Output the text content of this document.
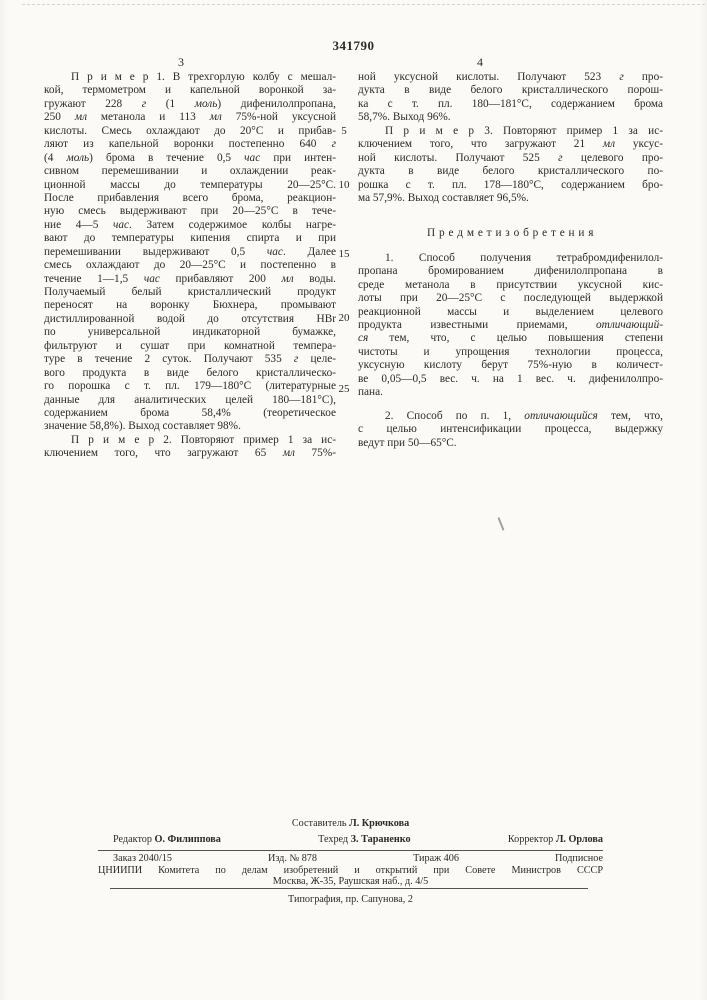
341790
3	4
П р и м е р 1. В трехгорлую колбу с мешал-
кой, термометром и капельной воронкой за-
гружают 228 г (1 моль) дифенилолпропана,
250 мл метанола и 113 мл 75%-ной уксусной
кислоты. Смесь охлаждают до 20°С и прибав-
ляют из капельной воронки постепенно 640 г
(4 моль) брома в течение 0,5 час при интен-
сивном перемешивании и охлаждении реак-
ционной массы до температуры 20—25°С.
После прибавления всего брома, реакцион-
ную смесь выдерживают при 20—25°С в тече-
ние 4—5 час. Затем содержимое колбы нагре-
вают до температуры кипения спирта и при
перемешивании выдерживают 0,5 час. Далее
смесь охлаждают до 20—25°С и постепенно в
течение 1—1,5 час прибавляют 200 мл воды.
Получаемый белый кристаллический продукт
переносят на воронку Бюхнера, промывают
дистиллированной водой до отсутствия HBr
по универсальной индикаторной бумажке,
фильтруют и сушат при комнатной темпера-
туре в течение 2 суток. Получают 535 г целе-
вого продукта в виде белого кристаллическо-
го порошка с т. пл. 179—180°С (литературные
данные для аналитических целей 180—181°С),
содержанием брома 58,4% (теоретическое
значение 58,8%). Выход составляет 98%.
П р и м е р 2. Повторяют пример 1 за ис-
ключением того, что загружают 65 мл 75%-
ной уксусной кислоты. Получают 523 г про-
дукта в виде белого кристаллического порош-
ка с т. пл. 180—181°С, содержанием брома
58,7%. Выход 96%.
П р и м е р 3. Повторяют пример 1 за ис-
ключением того, что загружают 21 мл уксус-
ной кислоты. Получают 525 г целевого про-
дукта в виде белого кристаллического по-
рошка с т. пл. 178—180°С, содержанием бро-
ма 57,9%. Выход составляет 96,5%.
П р е д м е т и з о б р е т е н и я
1. Способ получения тетрабромдифенилол-
пропана бромированием дифенилолпропана в
среде метанола в присутствии уксусной кис-
лоты при 20—25°С с последующей выдержкой
реакционной массы и выделением целевого
продукта известными приемами, отличающий-
ся тем, что, с целью повышения степени
чистоты и упрощения технологии процесса,
уксусную кислоту берут 75%-ную в количест-
ве 0,05—0,5 вес. ч. на 1 вес. ч. дифенилолпро-
пана.
2. Способ по п. 1, отличающийся тем, что,
с целью интенсификации процесса, выдержку
ведут при 50—65°С.
5
10
15
20
25
Составитель Л. Крючкова
Редактор О. Филиппова	Техред З. Тараненко	Корректор Л. Орлова
Заказ 2040/15	Изд. № 878	Тираж 406	Подписное
ЦНИИПИ Комитета по делам изобретений и открытий при Совете Министров СССР
Москва, Ж-35, Раушская наб., д. 4/5
Типография, пр. Сапунова, 2
